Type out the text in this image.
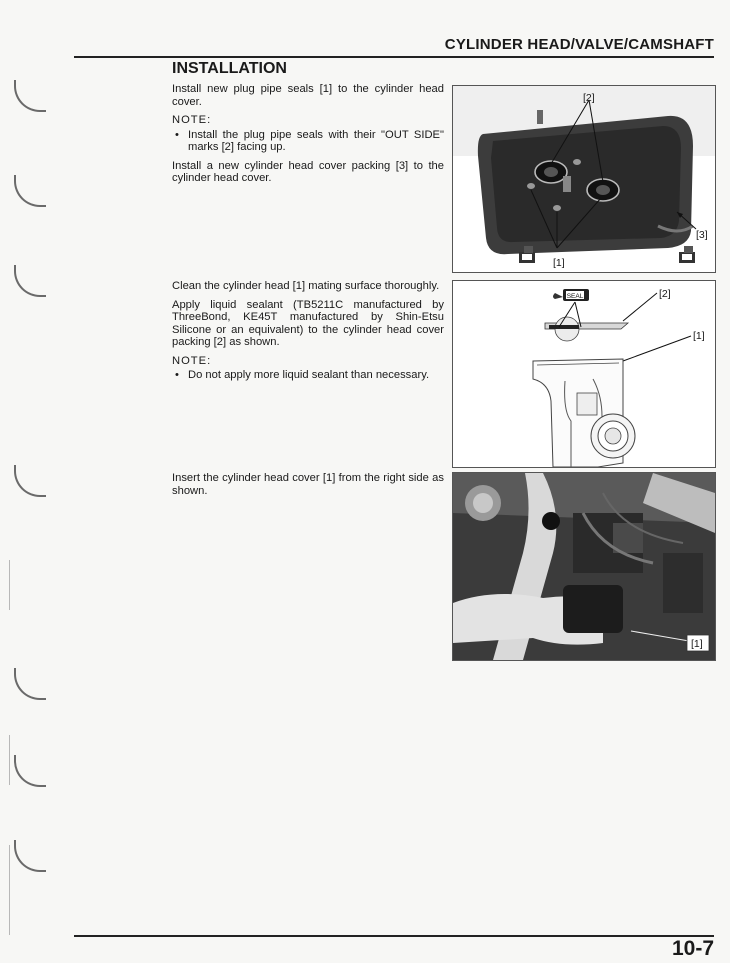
CYLINDER HEAD/VALVE/CAMSHAFT
INSTALLATION

Install new plug pipe seals [1] to the cylinder head cover.

NOTE:

• Install the plug pipe seals with their "OUT SIDE" marks [2] facing up.

Install a new cylinder head cover packing [3] to the cylinder head cover.

[2]
[1]
[3]

Clean the cylinder head [1] mating surface thoroughly.

Apply liquid sealant (TB5211C manufactured by ThreeBond, KE45T manufactured by Shin-Etsu Silicone or an equivalent) to the cylinder head cover packing [2] as shown.

NOTE:

• Do not apply more liquid sealant than necessary.
SEAL	[2]
[1]

Insert the cylinder head cover [1] from the right side as shown.

[1]
10-7
